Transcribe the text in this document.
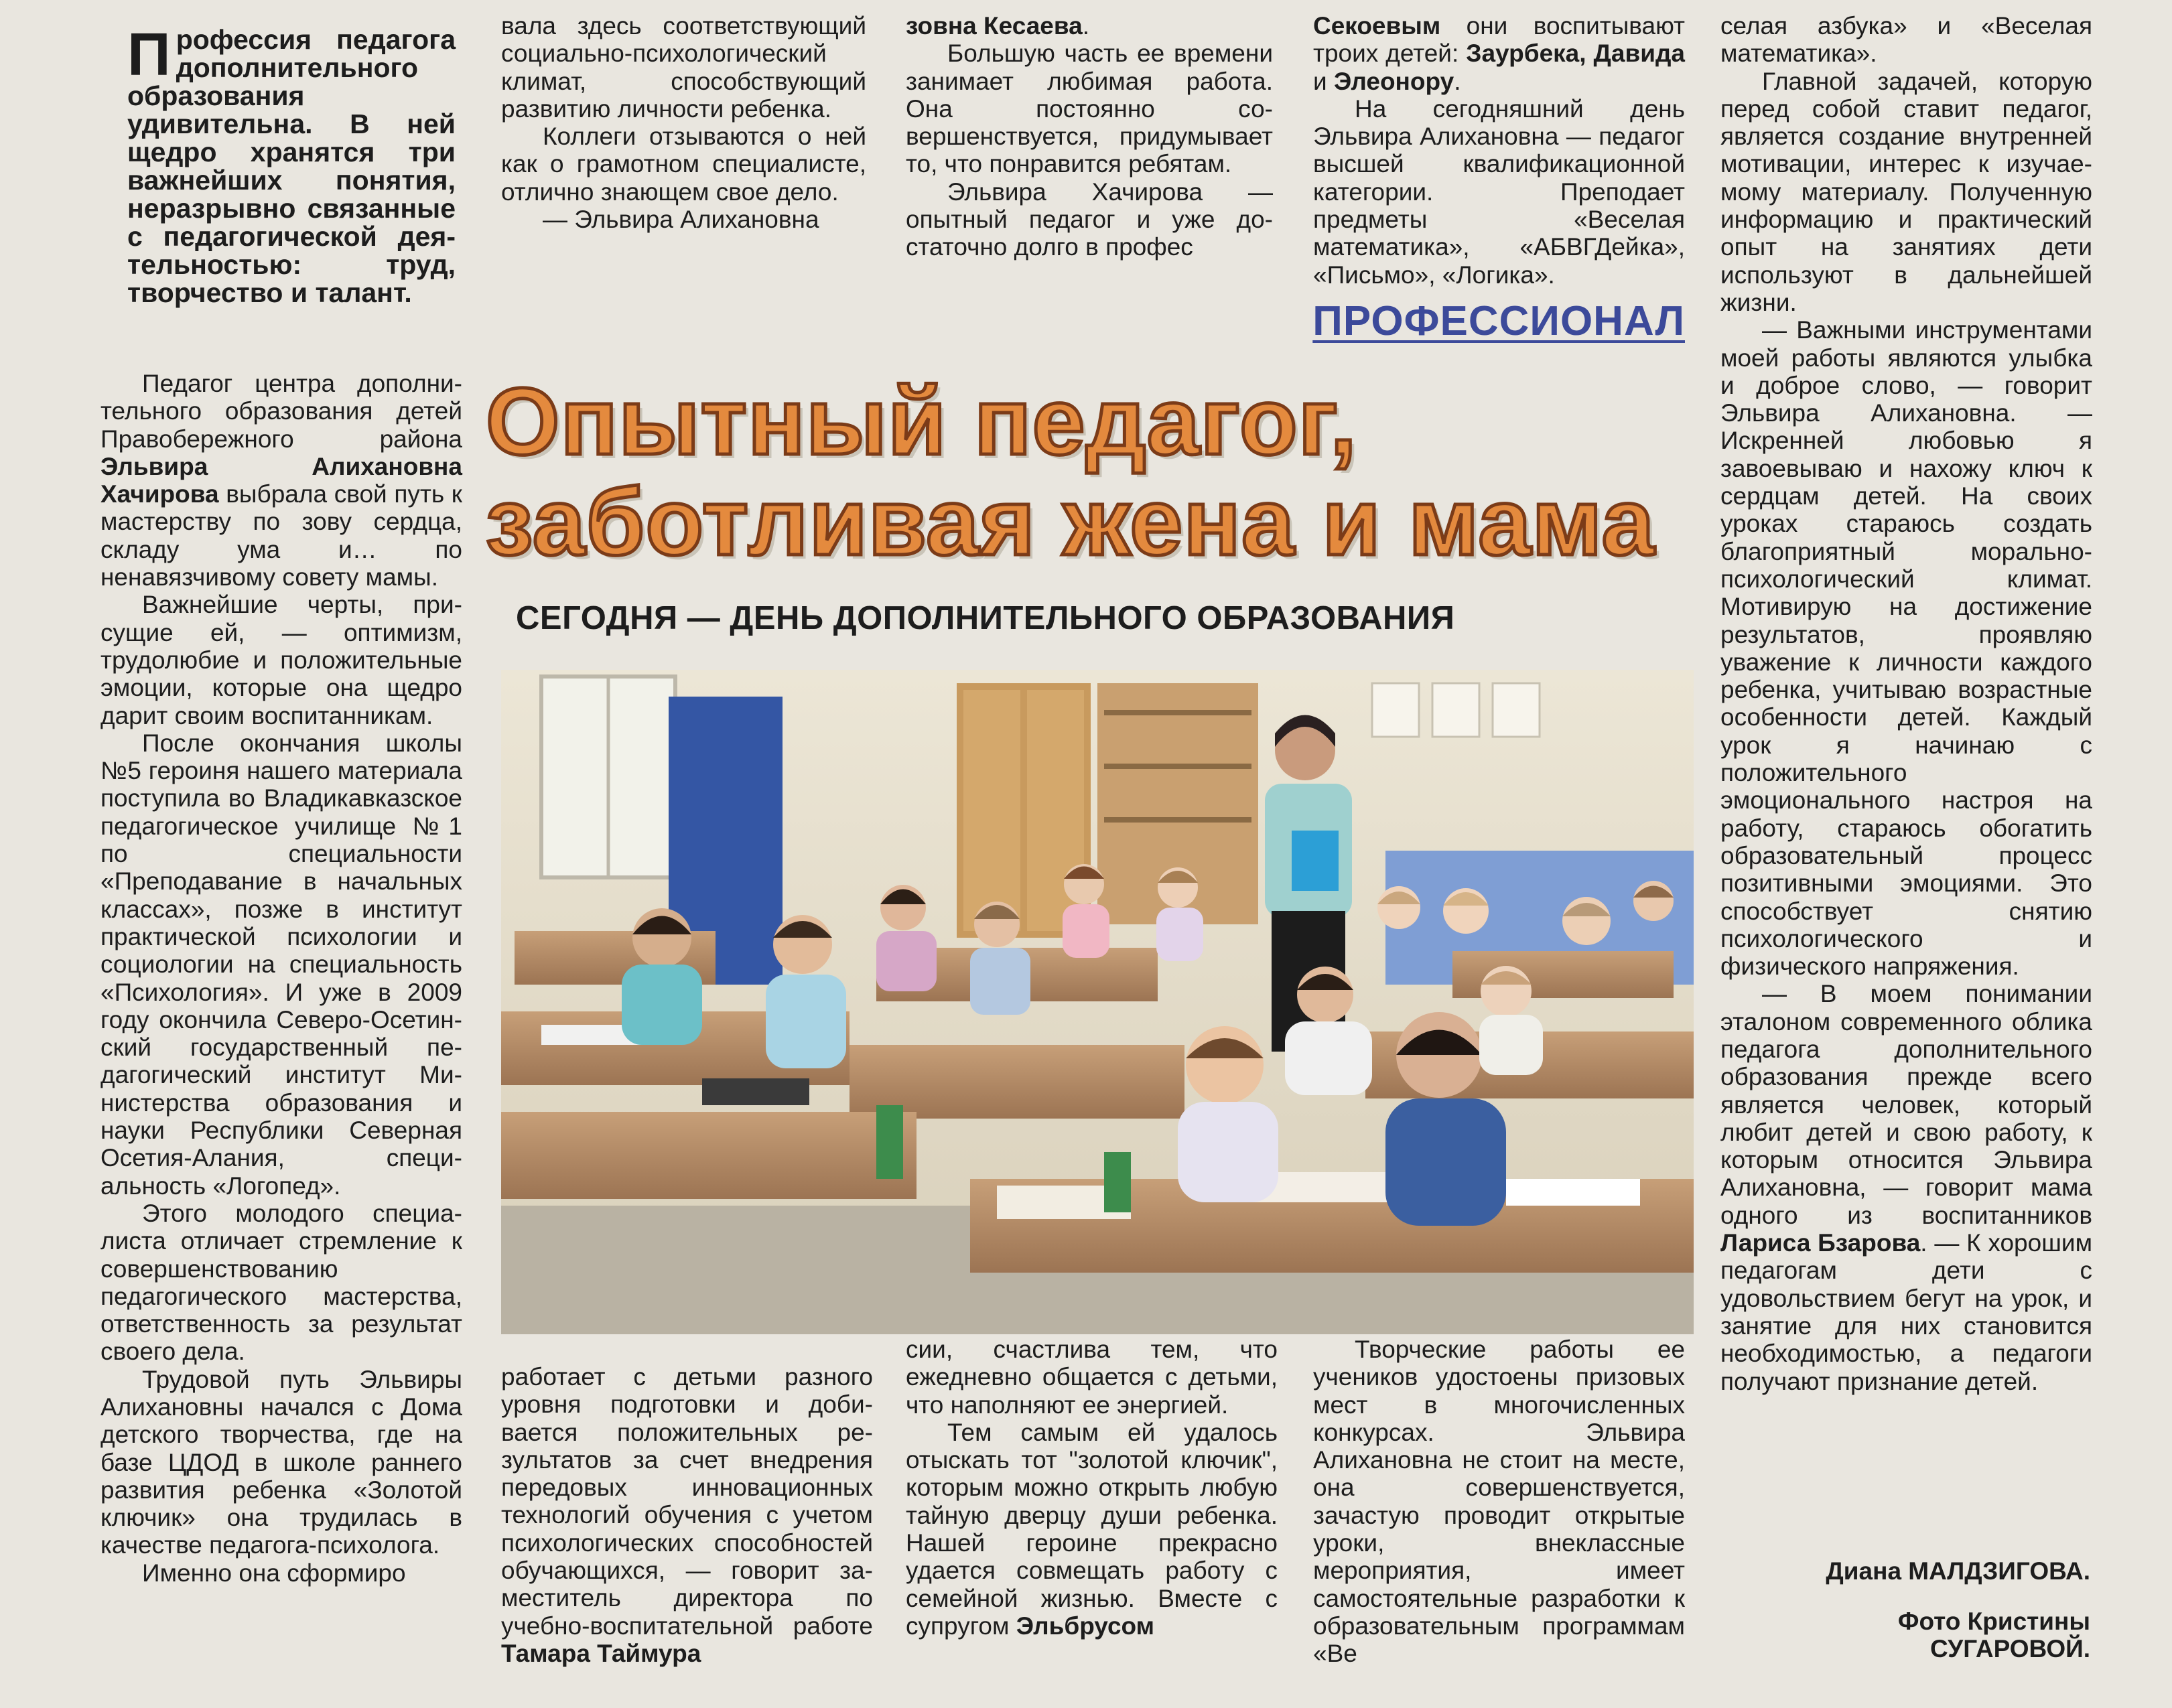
Профессия педагога дополнительного образования удивительна. В ней щедро хранятся три важнейших понятия, неразрывно связанные с педагогической деятельностью: труд, творчество и талант.

Педагог центра дополнительного образования детей Правобережного района Эльвира Алихановна Хачирова выбрала свой путь к мастерству по зову сердца, складу ума и… по ненавязчивому совету мамы.

Важнейшие черты, присущие ей, — оптимизм, трудолюбие и положительные эмоции, которые она щедро дарит своим воспитанникам.

После окончания школы №5 героиня нашего материала поступила во Владикавказское педагогическое училище №1 по специальности «Преподавание в начальных классах», позже в институт практической психологии и социологии на специальность «Психология». И уже в 2009 году окончила Северо-Осетинский государственный педагогический институт Министерства образования и науки Республики Северная Осетия-Алания, специальность «Логопед».

Этого молодого специалиста отличает стремление к совершенствованию педагогического мастерства, ответственность за результат своего дела.

Трудовой путь Эльвиры Алихановны начался с Дома детского творчества, где на базе ЦДОД в школе раннего развития ребенка «Золотой ключик» она трудилась в качестве педагога-психолога.

Именно она сформиро

вала здесь соответствующий социально-психологический климат, способствующий развитию личности ребенка.

Коллеги отзываются о ней как о грамотном специалисте, отлично знающем свое дело.

— Эльвира Алихановна

зовна Кесаева.

Большую часть ее времени занимает любимая работа. Она постоянно совершенствуется, придумывает то, что понравится ребятам.

Эльвира Хачирова — опытный педагог и уже достаточно долго в профес

Секоевым они воспитывают троих детей: Заурбека, Давида и Элеонору.

На сегодняшний день Эльвира Алихановна — педагог высшей квалификационной категории. Преподает предметы «Веселая математика», «АБВГДейка», «Письмо», «Логика».

ПРОФЕССИОНАЛ
Опытный педагог,
заботливая жена и мама
СЕГОДНЯ — ДЕНЬ ДОПОЛНИТЕЛЬНОГО ОБРАЗОВАНИЯ

работает с детьми разного уровня подготовки и добивается положительных результатов за счет внедрения передовых инновационных технологий обучения с учетом психологических способностей обучающихся, — говорит заместитель директора по учебно-воспитательной работе Тамара Таймура

сии, счастлива тем, что ежедневно общается с детьми, что наполняют ее энергией.

Тем самым ей удалось отыскать тот "золотой ключик", которым можно открыть любую тайную дверцу души ребенка. Нашей героине прекрасно удается совмещать работу с семейной жизнью. Вместе с супругом Эльбрусом

Творческие работы ее учеников удостоены призовых мест в многочисленных конкурсах. Эльвира Алихановна не стоит на месте, она совершенствуется, зачастую проводит открытые уроки, внеклассные мероприятия, имеет самостоятельные разработки к образовательным программам «Ве

селая азбука» и «Веселая математика».

Главной задачей, которую перед собой ставит педагог, является создание внутренней мотивации, интерес к изучаемому материалу. Полученную информацию и практический опыт на занятиях дети используют в дальнейшей жизни.

— Важными инструментами моей работы являются улыбка и доброе слово, — говорит Эльвира Алихановна. — Искренней любовью я завоевываю и нахожу ключ к сердцам детей. На своих уроках стараюсь создать благоприятный морально-психологический климат. Мотивирую на достижение результатов, проявляю уважение к личности каждого ребенка, учитываю возрастные особенности детей. Каждый урок я начинаю с положительного эмоционального настроя на работу, стараюсь обогатить образовательный процесс позитивными эмоциями. Это способствует снятию психологического и физического напряжения.

— В моем понимании эталоном современного облика педагога дополнительного образования прежде всего является человек, который любит детей и свою работу, к которым относится Эльвира Алихановна, — говорит мама одного из воспитанников Лариса Бзарова. — К хорошим педагогам дети с удовольствием бегут на урок, и занятие для них становится необходимостью, а педагоги получают признание детей.

Диана МАЛДЗИГОВА.
Фото Кристины
СУГАРОВОЙ.
